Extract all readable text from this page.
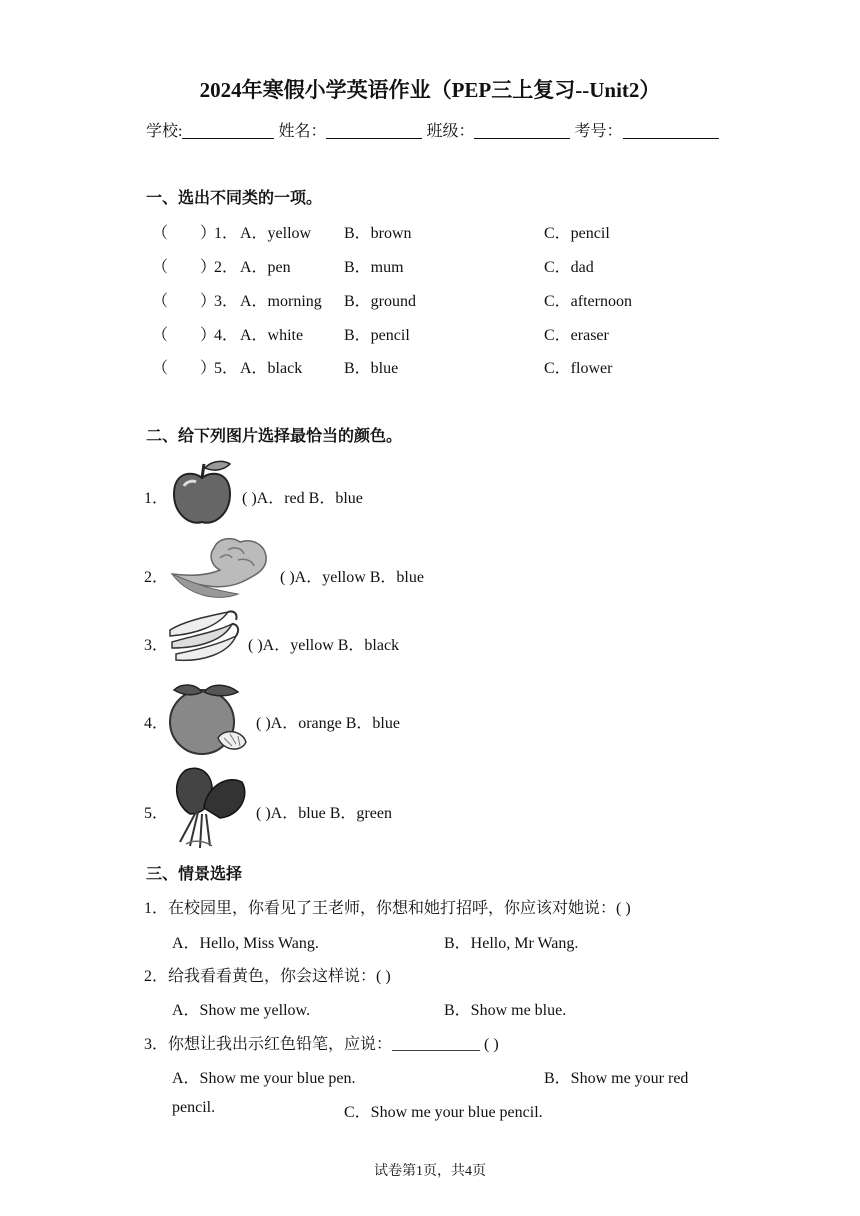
2024年寒假小学英语作业（PEP三上复习--Unit2）
学校:	姓名：	班级：	考号：
一、选出不同类的一项。
（　　）
1． A．yellow B．brown	C．pencil
（　　）
2． A．pen	B．mum	C．dad
（　　）
3． A．morning B．ground	C．afternoon
（　　）
4． A．white	B．pencil	C．eraser
（　　）
5． A．black	B．blue	C．flower
二、给下列图片选择最恰当的颜色。
1．	( )A．red B．blue
2．	( )A．yellow B．blue
3．	( )A．yellow B．black
4．	( )A．orange B．blue
5．	( )A．blue B．green
三、情景选择
1．在校园里，你看见了王老师，你想和她打招呼，你应该对她说：( )
A．Hello, Miss Wang.	B．Hello, Mr Wang.
2．给我看看黄色，你会这样说：( )
A．Show me yellow.	B．Show me blue.
3．你想让我出示红色铅笔，应说：___________ ( )
A．Show me your blue pen.	B．Show me your red
pencil.	C．Show me your blue pencil.
试卷第1页，共4页
